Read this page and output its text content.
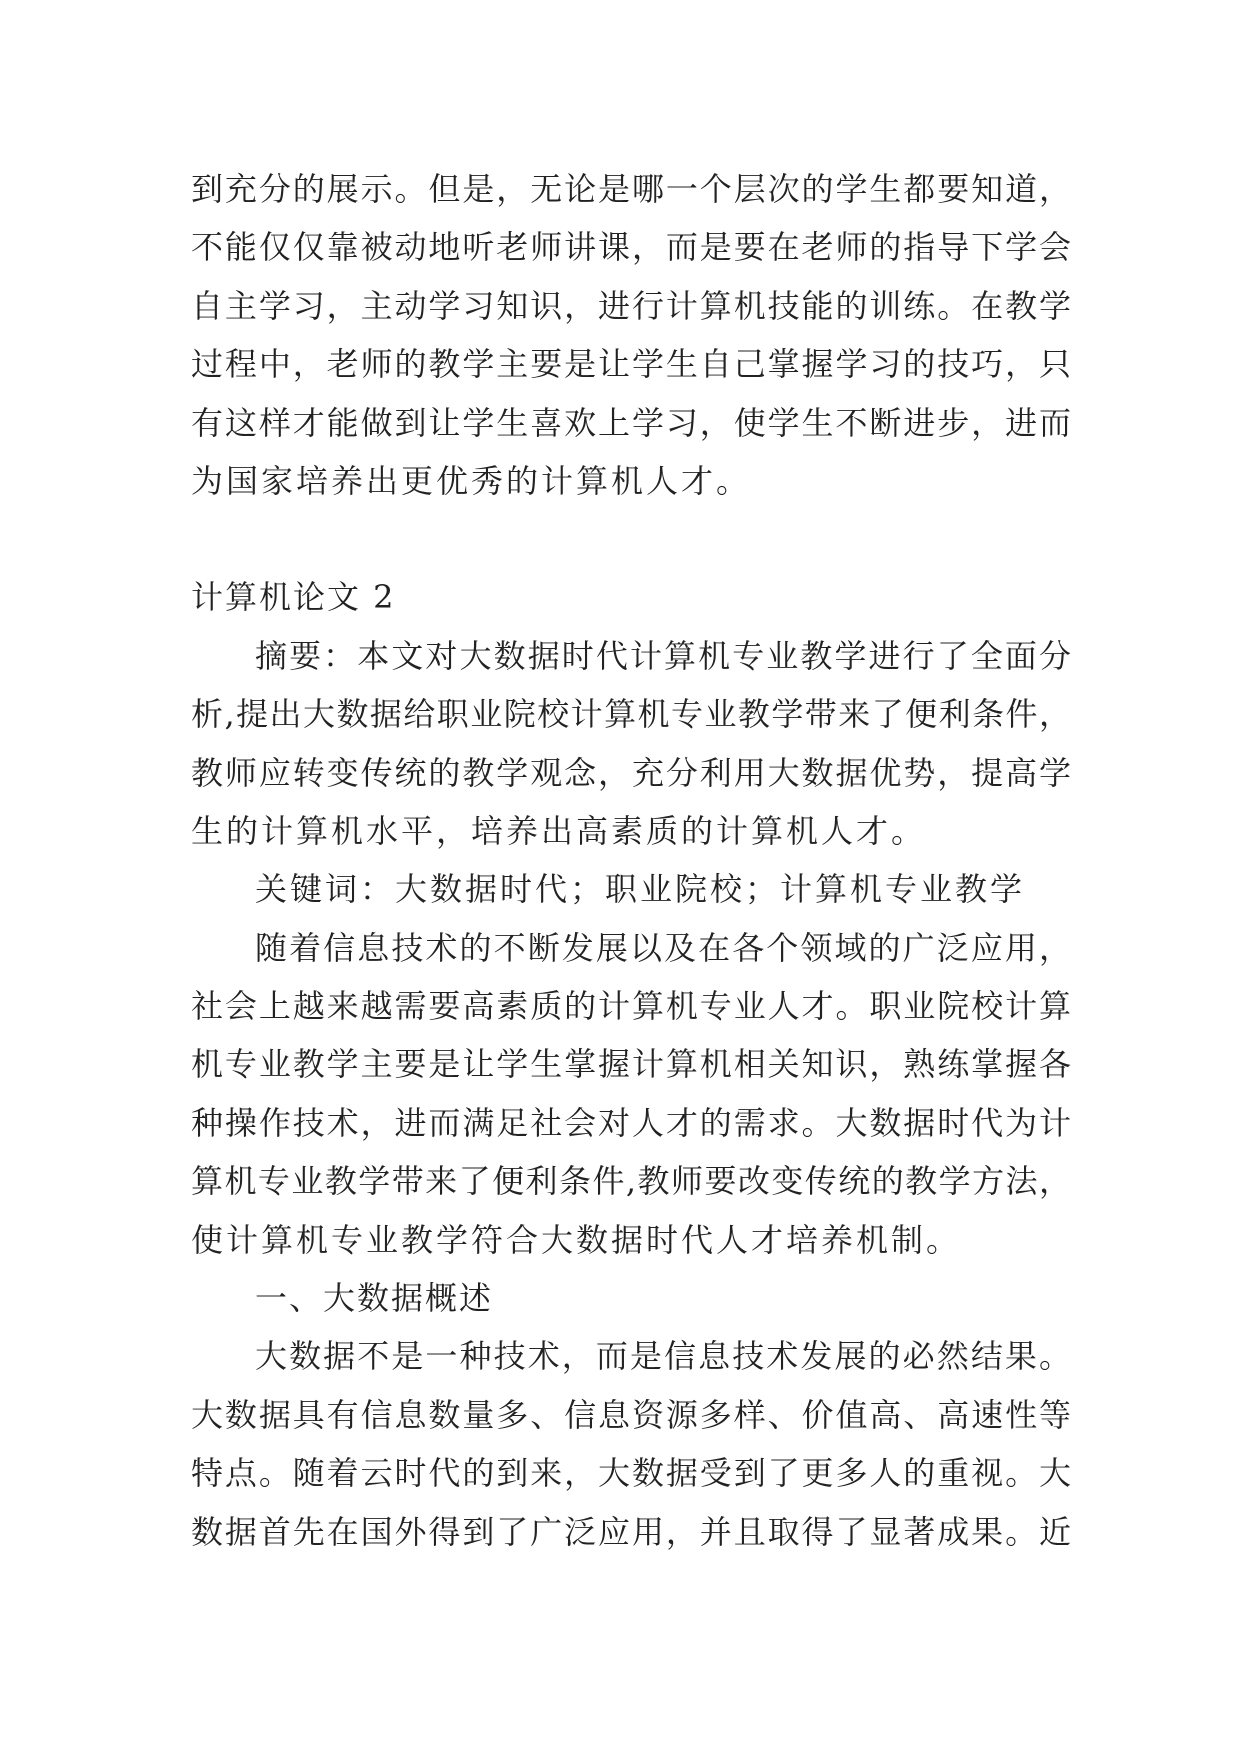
到充分的展示。但是，无论是哪一个层次的学生都要知道，
不能仅仅靠被动地听老师讲课，而是要在老师的指导下学会
自主学习，主动学习知识，进行计算机技能的训练。在教学
过程中，老师的教学主要是让学生自己掌握学习的技巧，只
有这样才能做到让学生喜欢上学习，使学生不断进步，进而
为国家培养出更优秀的计算机人才。
计算机论文 2
摘要：本文对大数据时代计算机专业教学进行了全面分
析,提出大数据给职业院校计算机专业教学带来了便利条件，
教师应转变传统的教学观念，充分利用大数据优势，提高学
生的计算机水平，培养出高素质的计算机人才。
关键词：大数据时代；职业院校；计算机专业教学
随着信息技术的不断发展以及在各个领域的广泛应用，
社会上越来越需要高素质的计算机专业人才。职业院校计算
机专业教学主要是让学生掌握计算机相关知识，熟练掌握各
种操作技术，进而满足社会对人才的需求。大数据时代为计
算机专业教学带来了便利条件,教师要改变传统的教学方法，
使计算机专业教学符合大数据时代人才培养机制。
一、大数据概述
大数据不是一种技术，而是信息技术发展的必然结果。
大数据具有信息数量多、信息资源多样、价值高、高速性等
特点。随着云时代的到来，大数据受到了更多人的重视。大
数据首先在国外得到了广泛应用，并且取得了显著成果。近
